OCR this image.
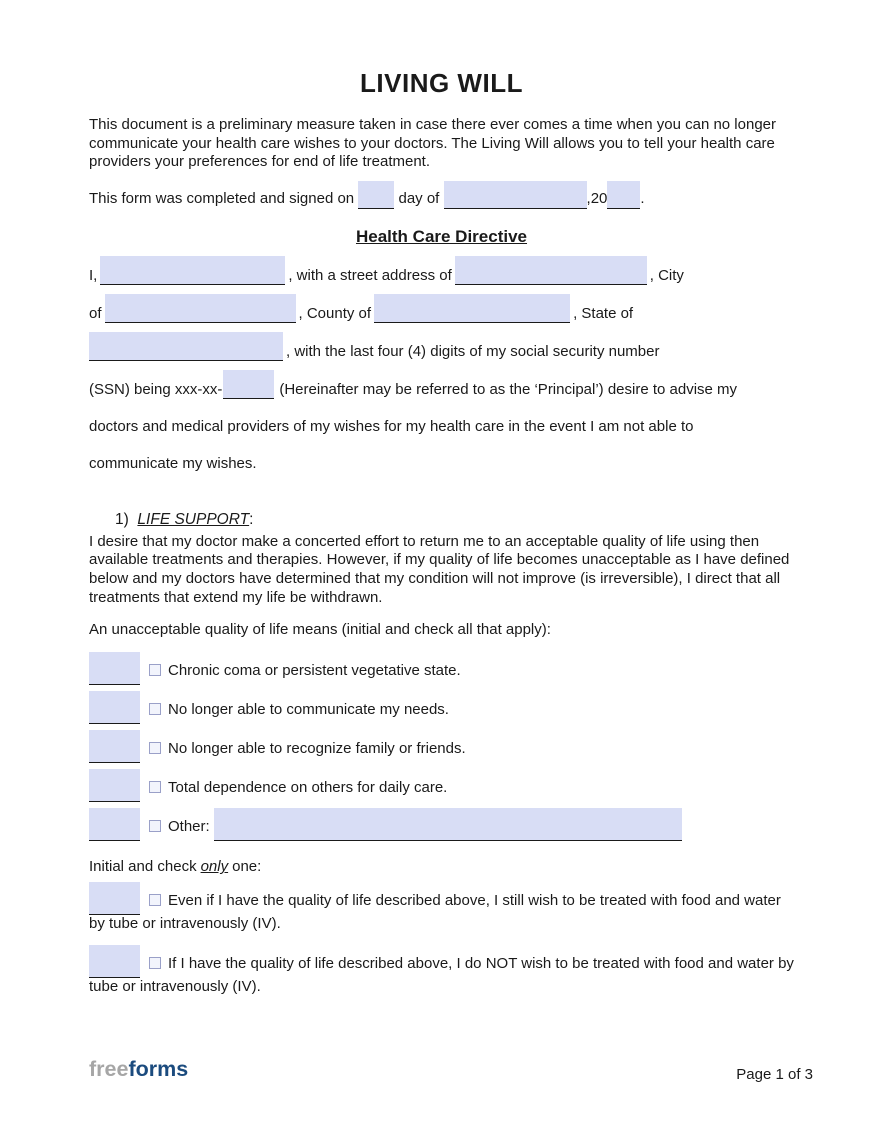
LIVING WILL

This document is a preliminary measure taken in case there ever comes a time when you can no longer communicate your health care wishes to your doctors. The Living Will allows you to tell your health care providers your preferences for end of life treatment.

This form was completed and signed on	day of	,20 .

Health Care Directive
I,	, with a street address of	, City
of	, County of	, State of
, with the last four (4) digits of my social security number
(SSN) being xxx-xx-	(Hereinafter may be referred to as the ‘Principal’) desire to advise my
doctors and medical providers of my wishes for my health care in the event I am not able to
communicate my wishes.

1) LIFE SUPPORT:

I desire that my doctor make a concerted effort to return me to an acceptable quality of life using then available treatments and therapies. However, if my quality of life becomes unacceptable as I have defined below and my doctors have determined that my condition will not improve (is irreversible), I direct that all treatments that extend my life be withdrawn.

An unacceptable quality of life means (initial and check all that apply):

Chronic coma or persistent vegetative state.

No longer able to communicate my needs.

No longer able to recognize family or friends.

Total dependence on others for daily care.

Other:

Initial and check only one:

Even if I have the quality of life described above, I still wish to be treated with food and water by tube or intravenously (IV).

If I have the quality of life described above, I do NOT wish to be treated with food and water by tube or intravenously (IV).

freeforms	Page 1 of 3
